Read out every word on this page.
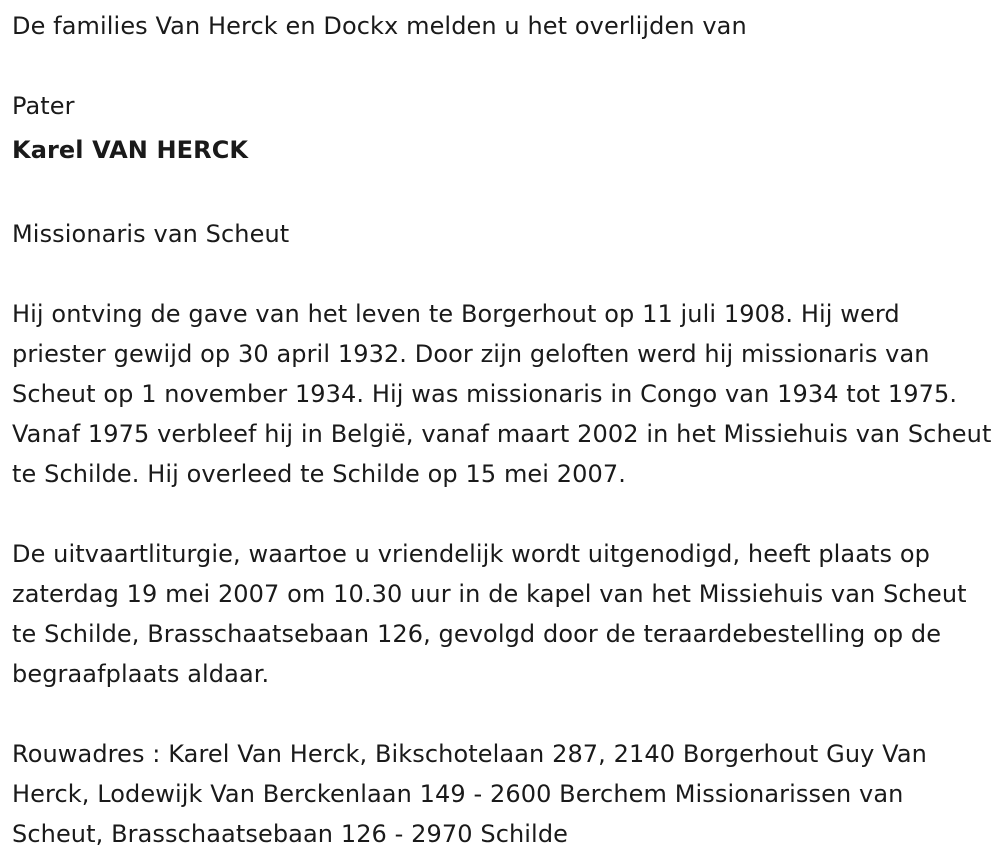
De families Van Herck en Dockx melden u het overlijden van

Pater

Karel VAN HERCK

Missionaris van Scheut

Hij ontving de gave van het leven te Borgerhout op 11 juli 1908. Hij werd priester gewijd op 30 april 1932. Door zijn geloften werd hij missionaris van Scheut op 1 november 1934. Hij was missionaris in Congo van 1934 tot 1975. Vanaf 1975 verbleef hij in België, vanaf maart 2002 in het Missiehuis van Scheut te Schilde. Hij overleed te Schilde op 15 mei 2007.

De uitvaartliturgie, waartoe u vriendelijk wordt uitgenodigd, heeft plaats op zaterdag 19 mei 2007 om 10.30 uur in de kapel van het Missiehuis van Scheut te Schilde, Brasschaatsebaan 126, gevolgd door de teraardebestelling op de begraafplaats aldaar.

Rouwadres : Karel Van Herck, Bikschotelaan 287, 2140 Borgerhout Guy Van Herck, Lodewijk Van Berckenlaan 149 - 2600 Berchem Missionarissen van Scheut, Brasschaatsebaan 126 - 2970 Schilde
